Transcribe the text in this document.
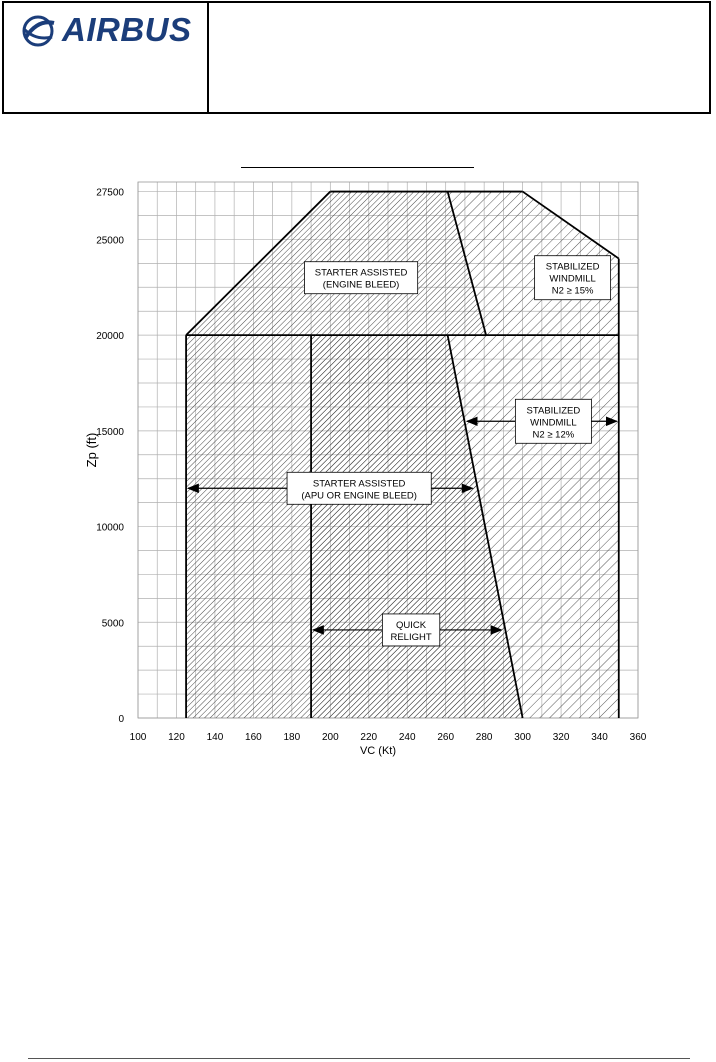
AIRBUS
100 120 140 160 180 200 220 240 260 280 300 320 340 360
0
5000
10000
15000
20000
25000
27500
STARTER ASSISTED
(ENGINE BLEED)
STABILIZED
WINDMILL
N2 ≥ 15%
STARTER ASSISTED
(APU OR ENGINE BLEED)
STABILIZED
WINDMILL
N2 ≥ 12%
QUICK
RELIGHT
VC (Kt)
Zp (ft)
